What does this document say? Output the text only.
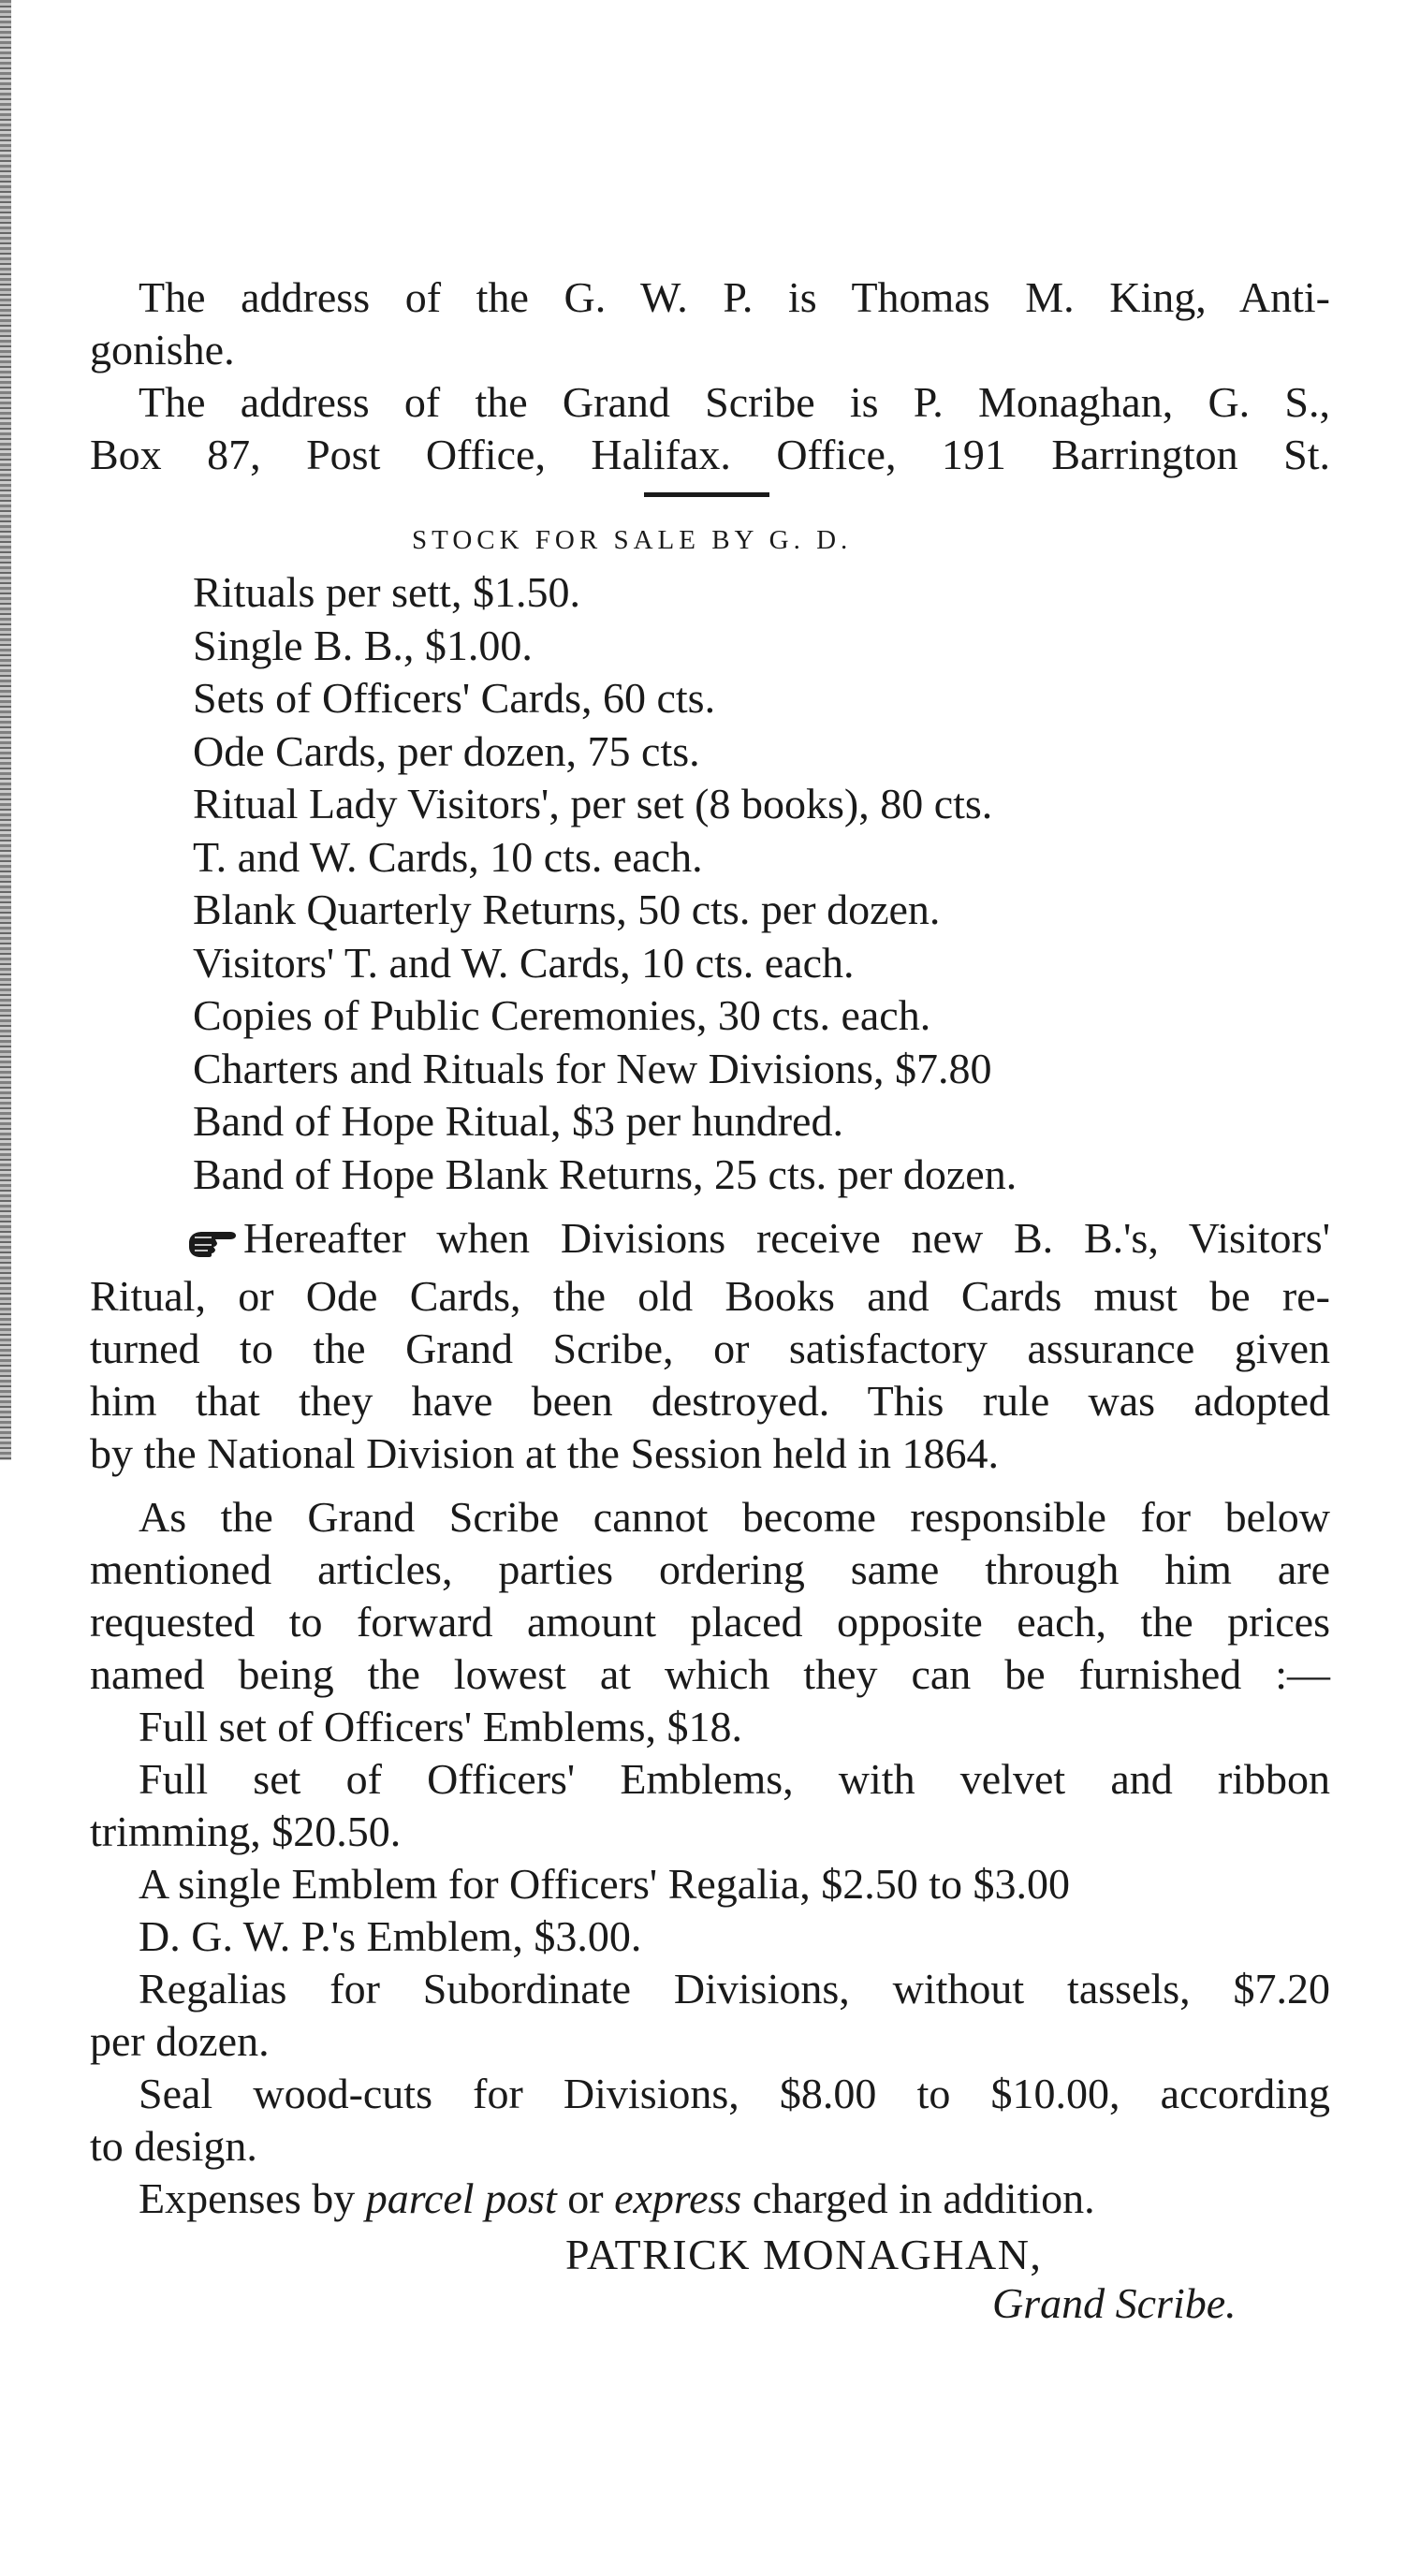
The address of the G. W. P. is Thomas M. King, Anti-

gonishe.

The address of the Grand Scribe is P. Monaghan, G. S.,

Box 87, Post Office, Halifax. Office, 191 Barrington St.

STOCK FOR SALE BY G. D.

Rituals per sett, $1.50.
Single B. B., $1.00.
Sets of Officers' Cards, 60 cts.
Ode Cards, per dozen, 75 cts.
Ritual Lady Visitors', per set (8 books), 80 cts.
T. and W. Cards, 10 cts. each.
Blank Quarterly Returns, 50 cts. per dozen.
Visitors' T. and W. Cards, 10 cts. each.
Copies of Public Ceremonies, 30 cts. each.
Charters and Rituals for New Divisions, $7.80
Band of Hope Ritual, $3 per hundred.
Band of Hope Blank Returns, 25 cts. per dozen.

Hereafter when Divisions receive new B. B.'s, Visitors'

Ritual, or Ode Cards, the old Books and Cards must be re-

turned to the Grand Scribe, or satisfactory assurance given

him that they have been destroyed. This rule was adopted

by the National Division at the Session held in 1864.

As the Grand Scribe cannot become responsible for below

mentioned articles, parties ordering same through him are

requested to forward amount placed opposite each, the prices

named being the lowest at which they can be furnished :—

Full set of Officers' Emblems, $18.

Full set of Officers' Emblems, with velvet and ribbon

trimming, $20.50.

A single Emblem for Officers' Regalia, $2.50 to $3.00

D. G. W. P.'s Emblem, $3.00.

Regalias for Subordinate Divisions, without tassels, $7.20

per dozen.

Seal wood-cuts for Divisions, $8.00 to $10.00, according

to design.

Expenses by parcel post or express charged in addition.

PATRICK MONAGHAN,

Grand Scribe.
